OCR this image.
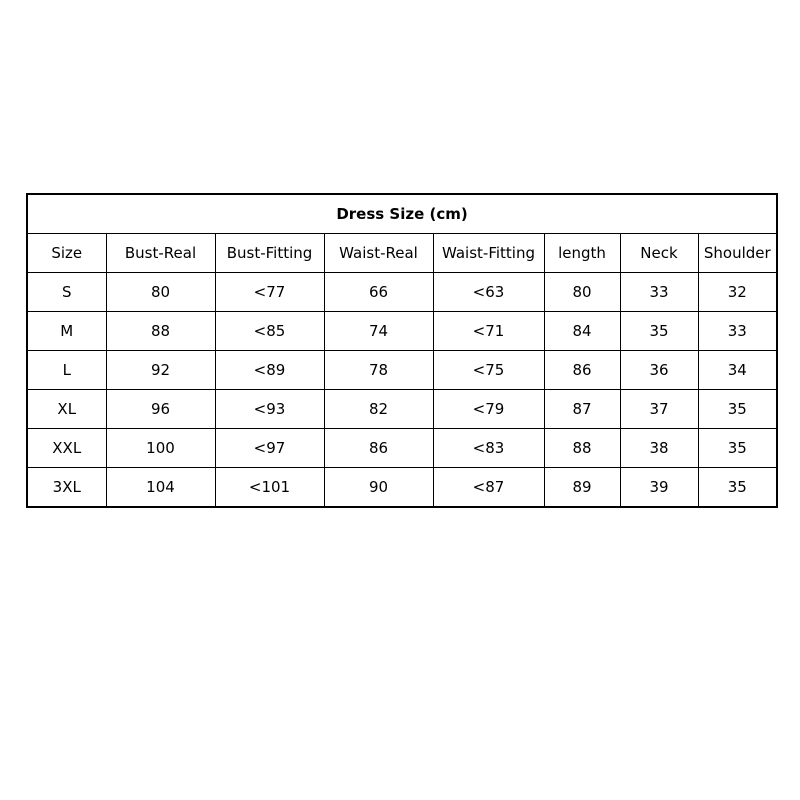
Dress Size (cm)							
Size	Bust-Real	Bust-Fitting	Waist-Real	Waist-Fitting	length	Neck	Shoulder
S	80	<77	66	<63	80	33	32
M	88	<85	74	<71	84	35	33
L	92	<89	78	<75	86	36	34
XL	96	<93	82	<79	87	37	35
XXL	100	<97	86	<83	88	38	35
3XL	104	<101	90	<87	89	39	35
